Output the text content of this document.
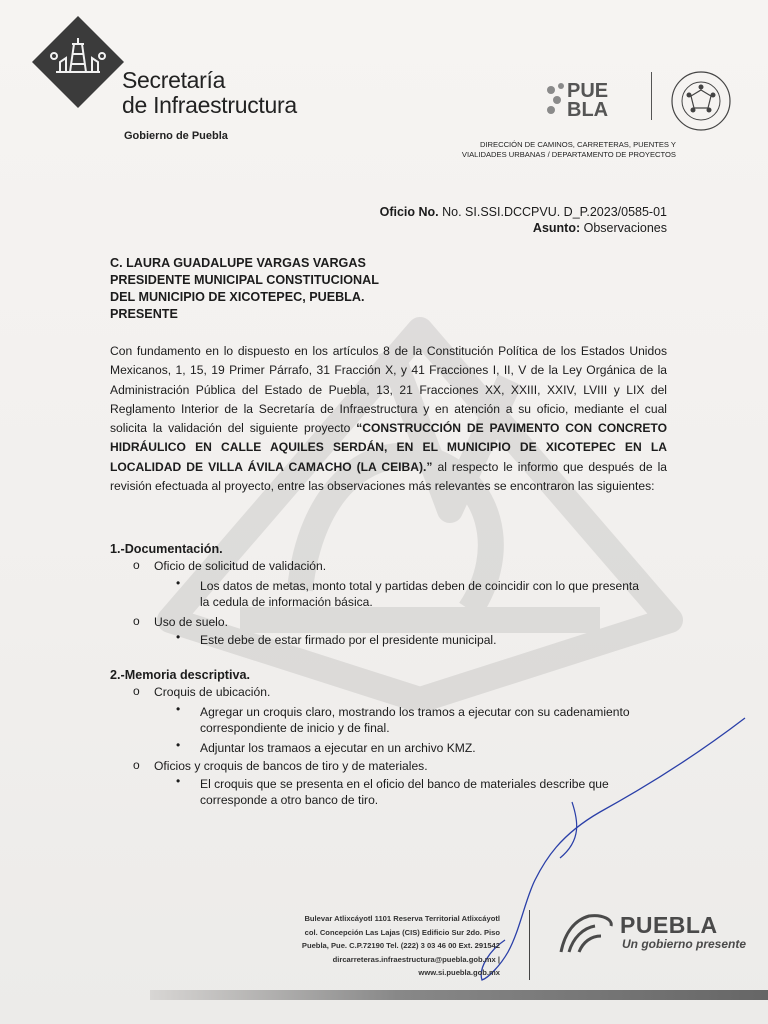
Secretaría
de Infraestructura
Gobierno de Puebla
PUE
BLA
DIRECCIÓN DE CAMINOS, CARRETERAS, PUENTES Y
VIALIDADES URBANAS / DEPARTAMENTO DE PROYECTOS
Oficio No. No. SI.SSI.DCCPVU. D_P.2023/0585-01
Asunto: Observaciones
C. LAURA GUADALUPE VARGAS VARGAS
PRESIDENTE MUNICIPAL CONSTITUCIONAL
DEL MUNICIPIO DE XICOTEPEC, PUEBLA.
PRESENTE
Con fundamento en lo dispuesto en los artículos 8 de la Constitución Política de los Estados Unidos Mexicanos, 1, 15, 19 Primer Párrafo, 31 Fracción X, y 41 Fracciones I, II, V de la Ley Orgánica de la Administración Pública del Estado de Puebla, 13, 21 Fracciones XX, XXIII, XXIV, LVIII y LIX del Reglamento Interior de la Secretaría de Infraestructura y en atención a su oficio, mediante el cual solicita la validación del siguiente proyecto “CONSTRUCCIÓN DE PAVIMENTO CON CONCRETO HIDRÁULICO EN CALLE AQUILES SERDÁN, EN EL MUNICIPIO DE XICOTEPEC EN LA LOCALIDAD DE VILLA ÁVILA CAMACHO (LA CEIBA).” al respecto le informo que después de la revisión efectuada al proyecto, entre las observaciones más relevantes se encontraron las siguientes:
1.-Documentación.
o Oficio de solicitud de validación.
• Los datos de metas, monto total y partidas deben de coincidir con lo que presenta
la cedula de información básica.
o Uso de suelo.
• Este debe de estar firmado por el presidente municipal.
2.-Memoria descriptiva.
o Croquis de ubicación.
• Agregar un croquis claro, mostrando los tramos a ejecutar con su cadenamiento
correspondiente de inicio y de final.
• Adjuntar los tramaos a ejecutar en un archivo KMZ.
o Oficios y croquis de bancos de tiro y de materiales.
• El croquis que se presenta en el oficio del banco de materiales describe que
corresponde a otro banco de tiro.
Bulevar Atlixcáyotl 1101 Reserva Territorial Atlixcáyotl
col. Concepción Las Lajas (CIS) Edificio Sur 2do. Piso
Puebla, Pue. C.P.72190 Tel. (222) 3 03 46 00 Ext. 291542
dircarreteras.infraestructura@puebla.gob.mx | www.si.puebla.gob.mx
PUEBLA
Un gobierno presente
